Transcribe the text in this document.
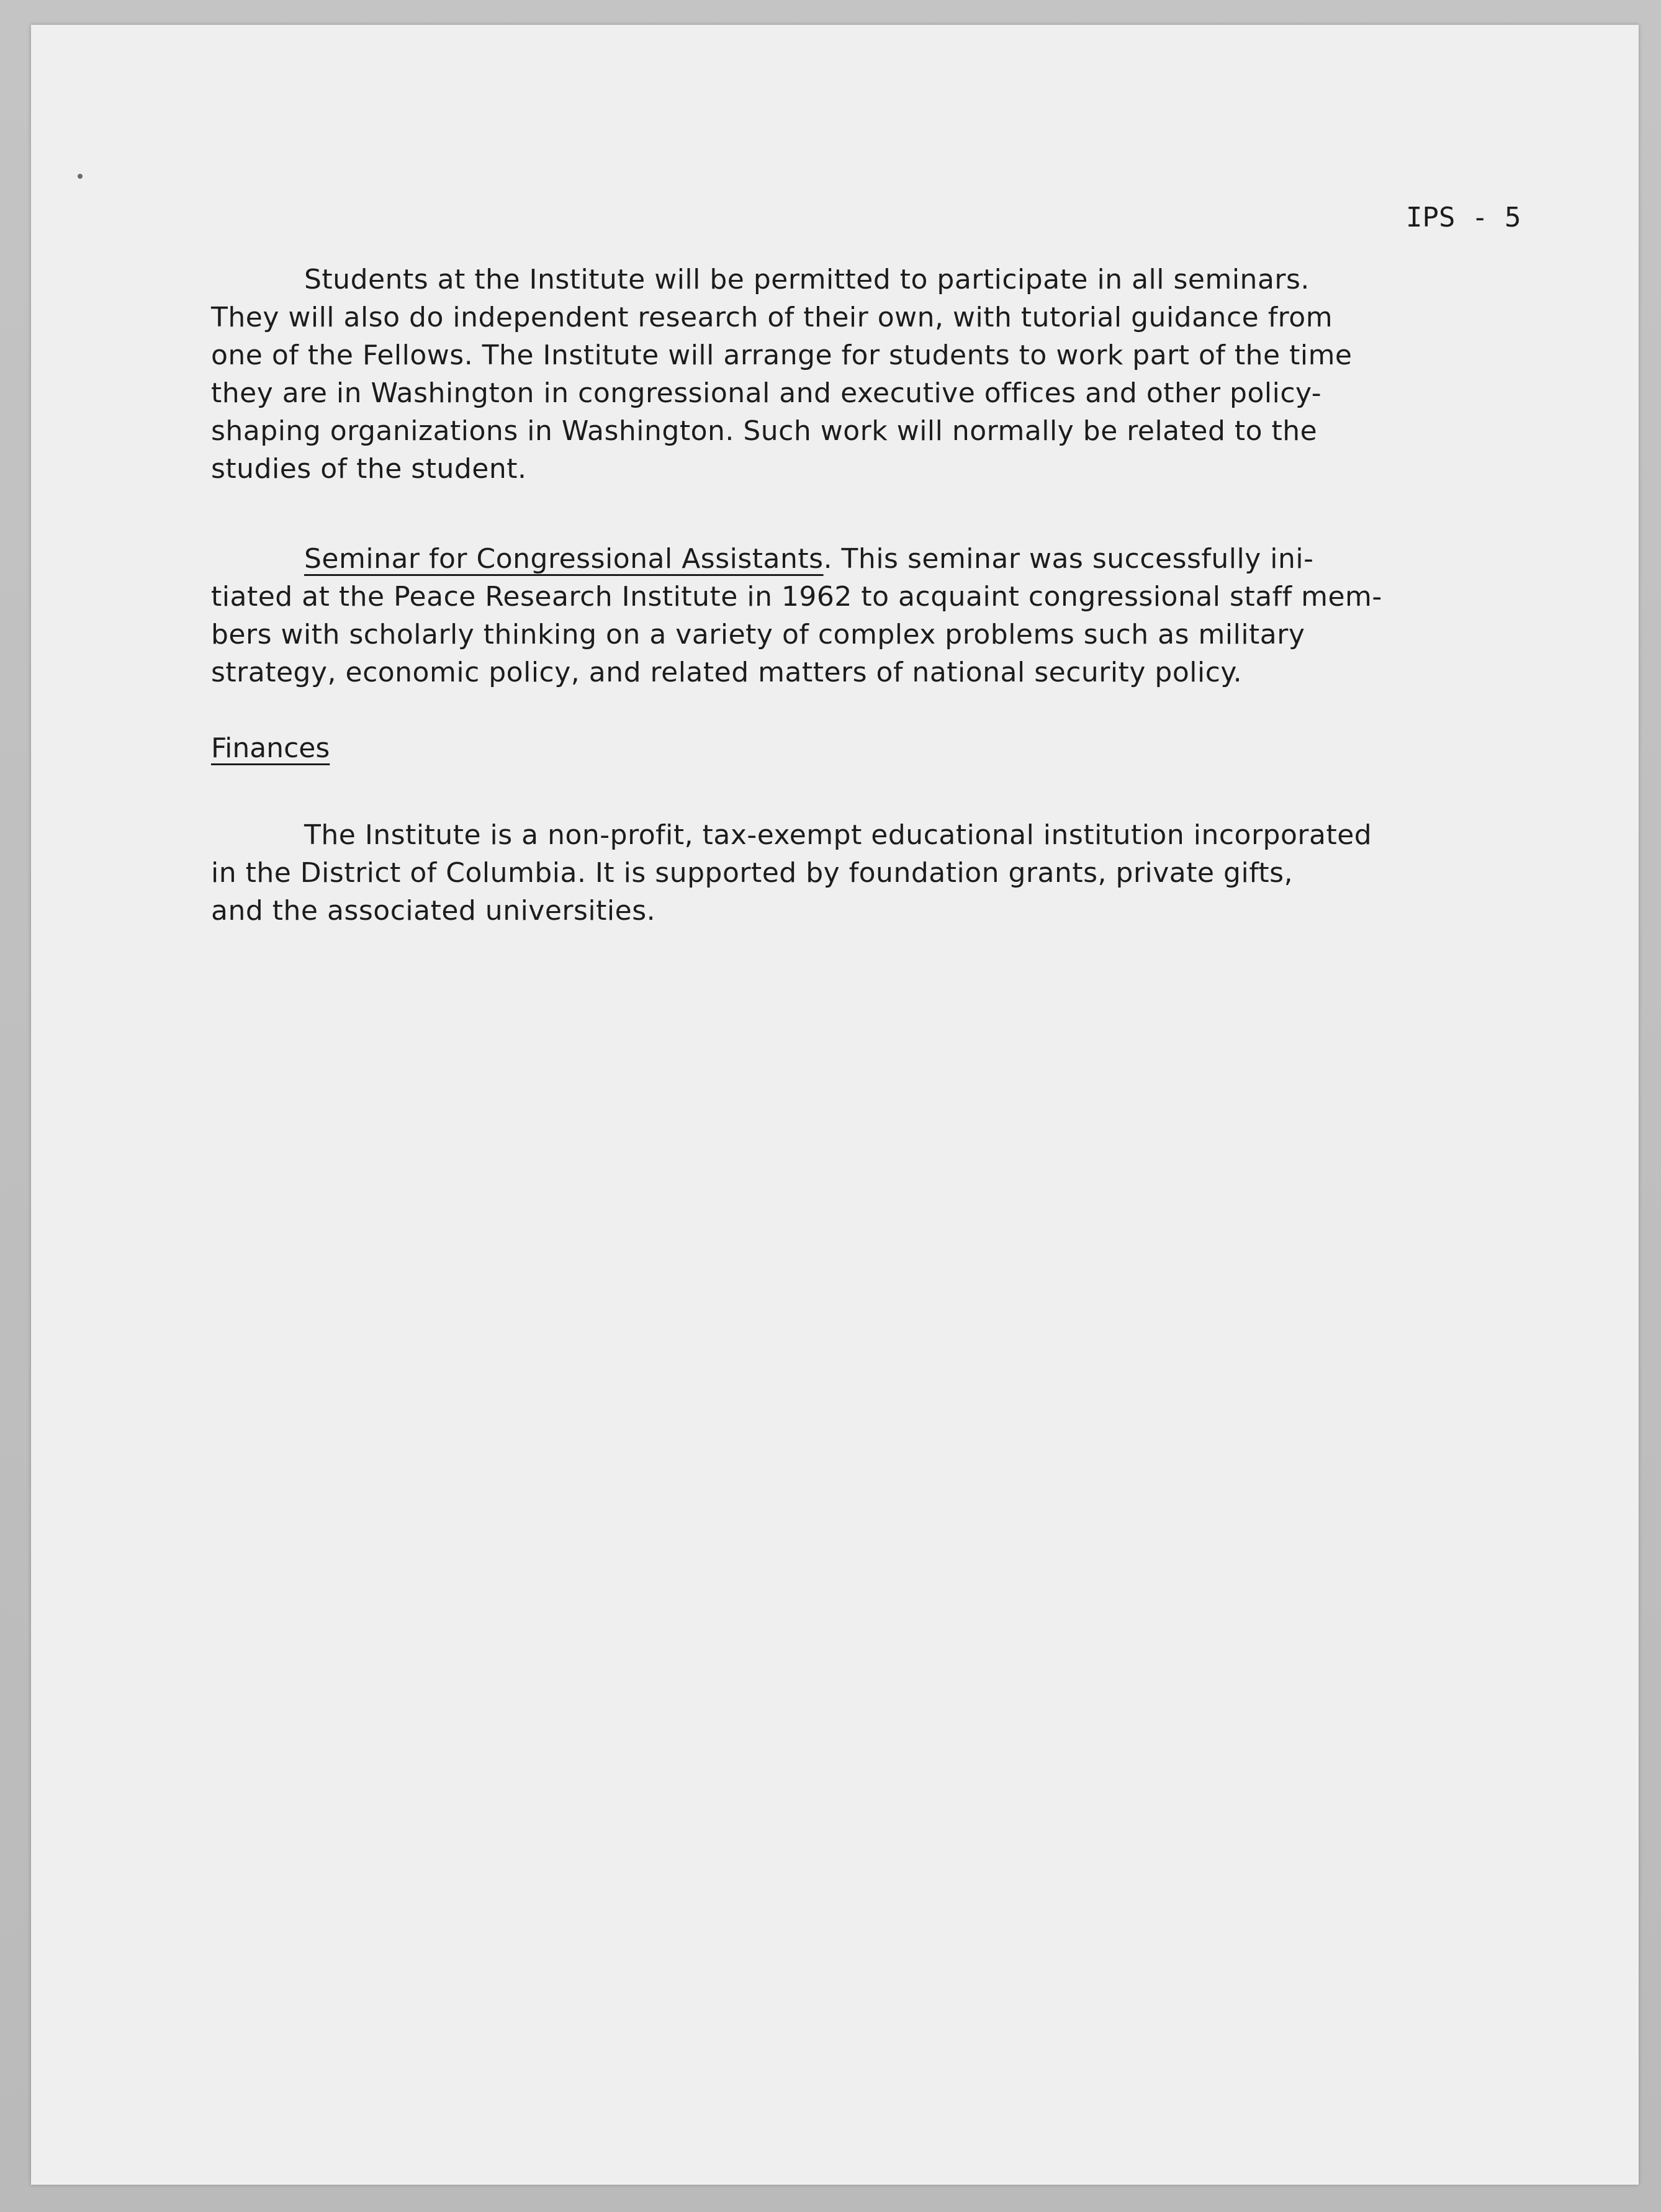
IPS - 5
Students at the Institute will be permitted to participate in all seminars.
They will also do independent research of their own, with tutorial guidance from
one of the Fellows. The Institute will arrange for students to work part of the time
they are in Washington in congressional and executive offices and other policy-
shaping organizations in Washington. Such work will normally be related to the
studies of the student.
Seminar for Congressional Assistants. This seminar was successfully ini-
tiated at the Peace Research Institute in 1962 to acquaint congressional staff mem-
bers with scholarly thinking on a variety of complex problems such as military
strategy, economic policy, and related matters of national security policy.
Finances
The Institute is a non-profit, tax-exempt educational institution incorporated
in the District of Columbia. It is supported by foundation grants, private gifts,
and the associated universities.
